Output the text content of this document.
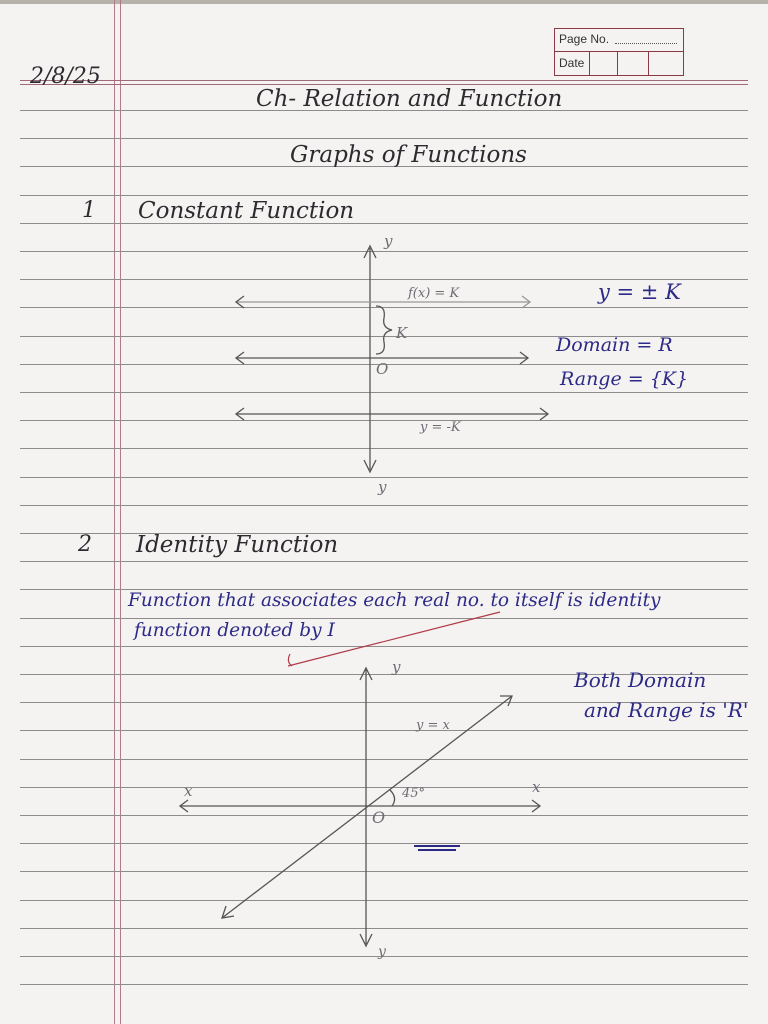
Page No.
Date
2/8/25
Ch- Relation and Function
Graphs of Functions
1 Constant Function
2 Identity Function
y
y
O
f(x) = K
K
y = -K
y = ± K
Domain = R
Range = {K}
Function that associates each real no. to itself is identity
function denoted by I
Both Domain
and Range is 'R'
y
y
x	x
O
y = x
45°
